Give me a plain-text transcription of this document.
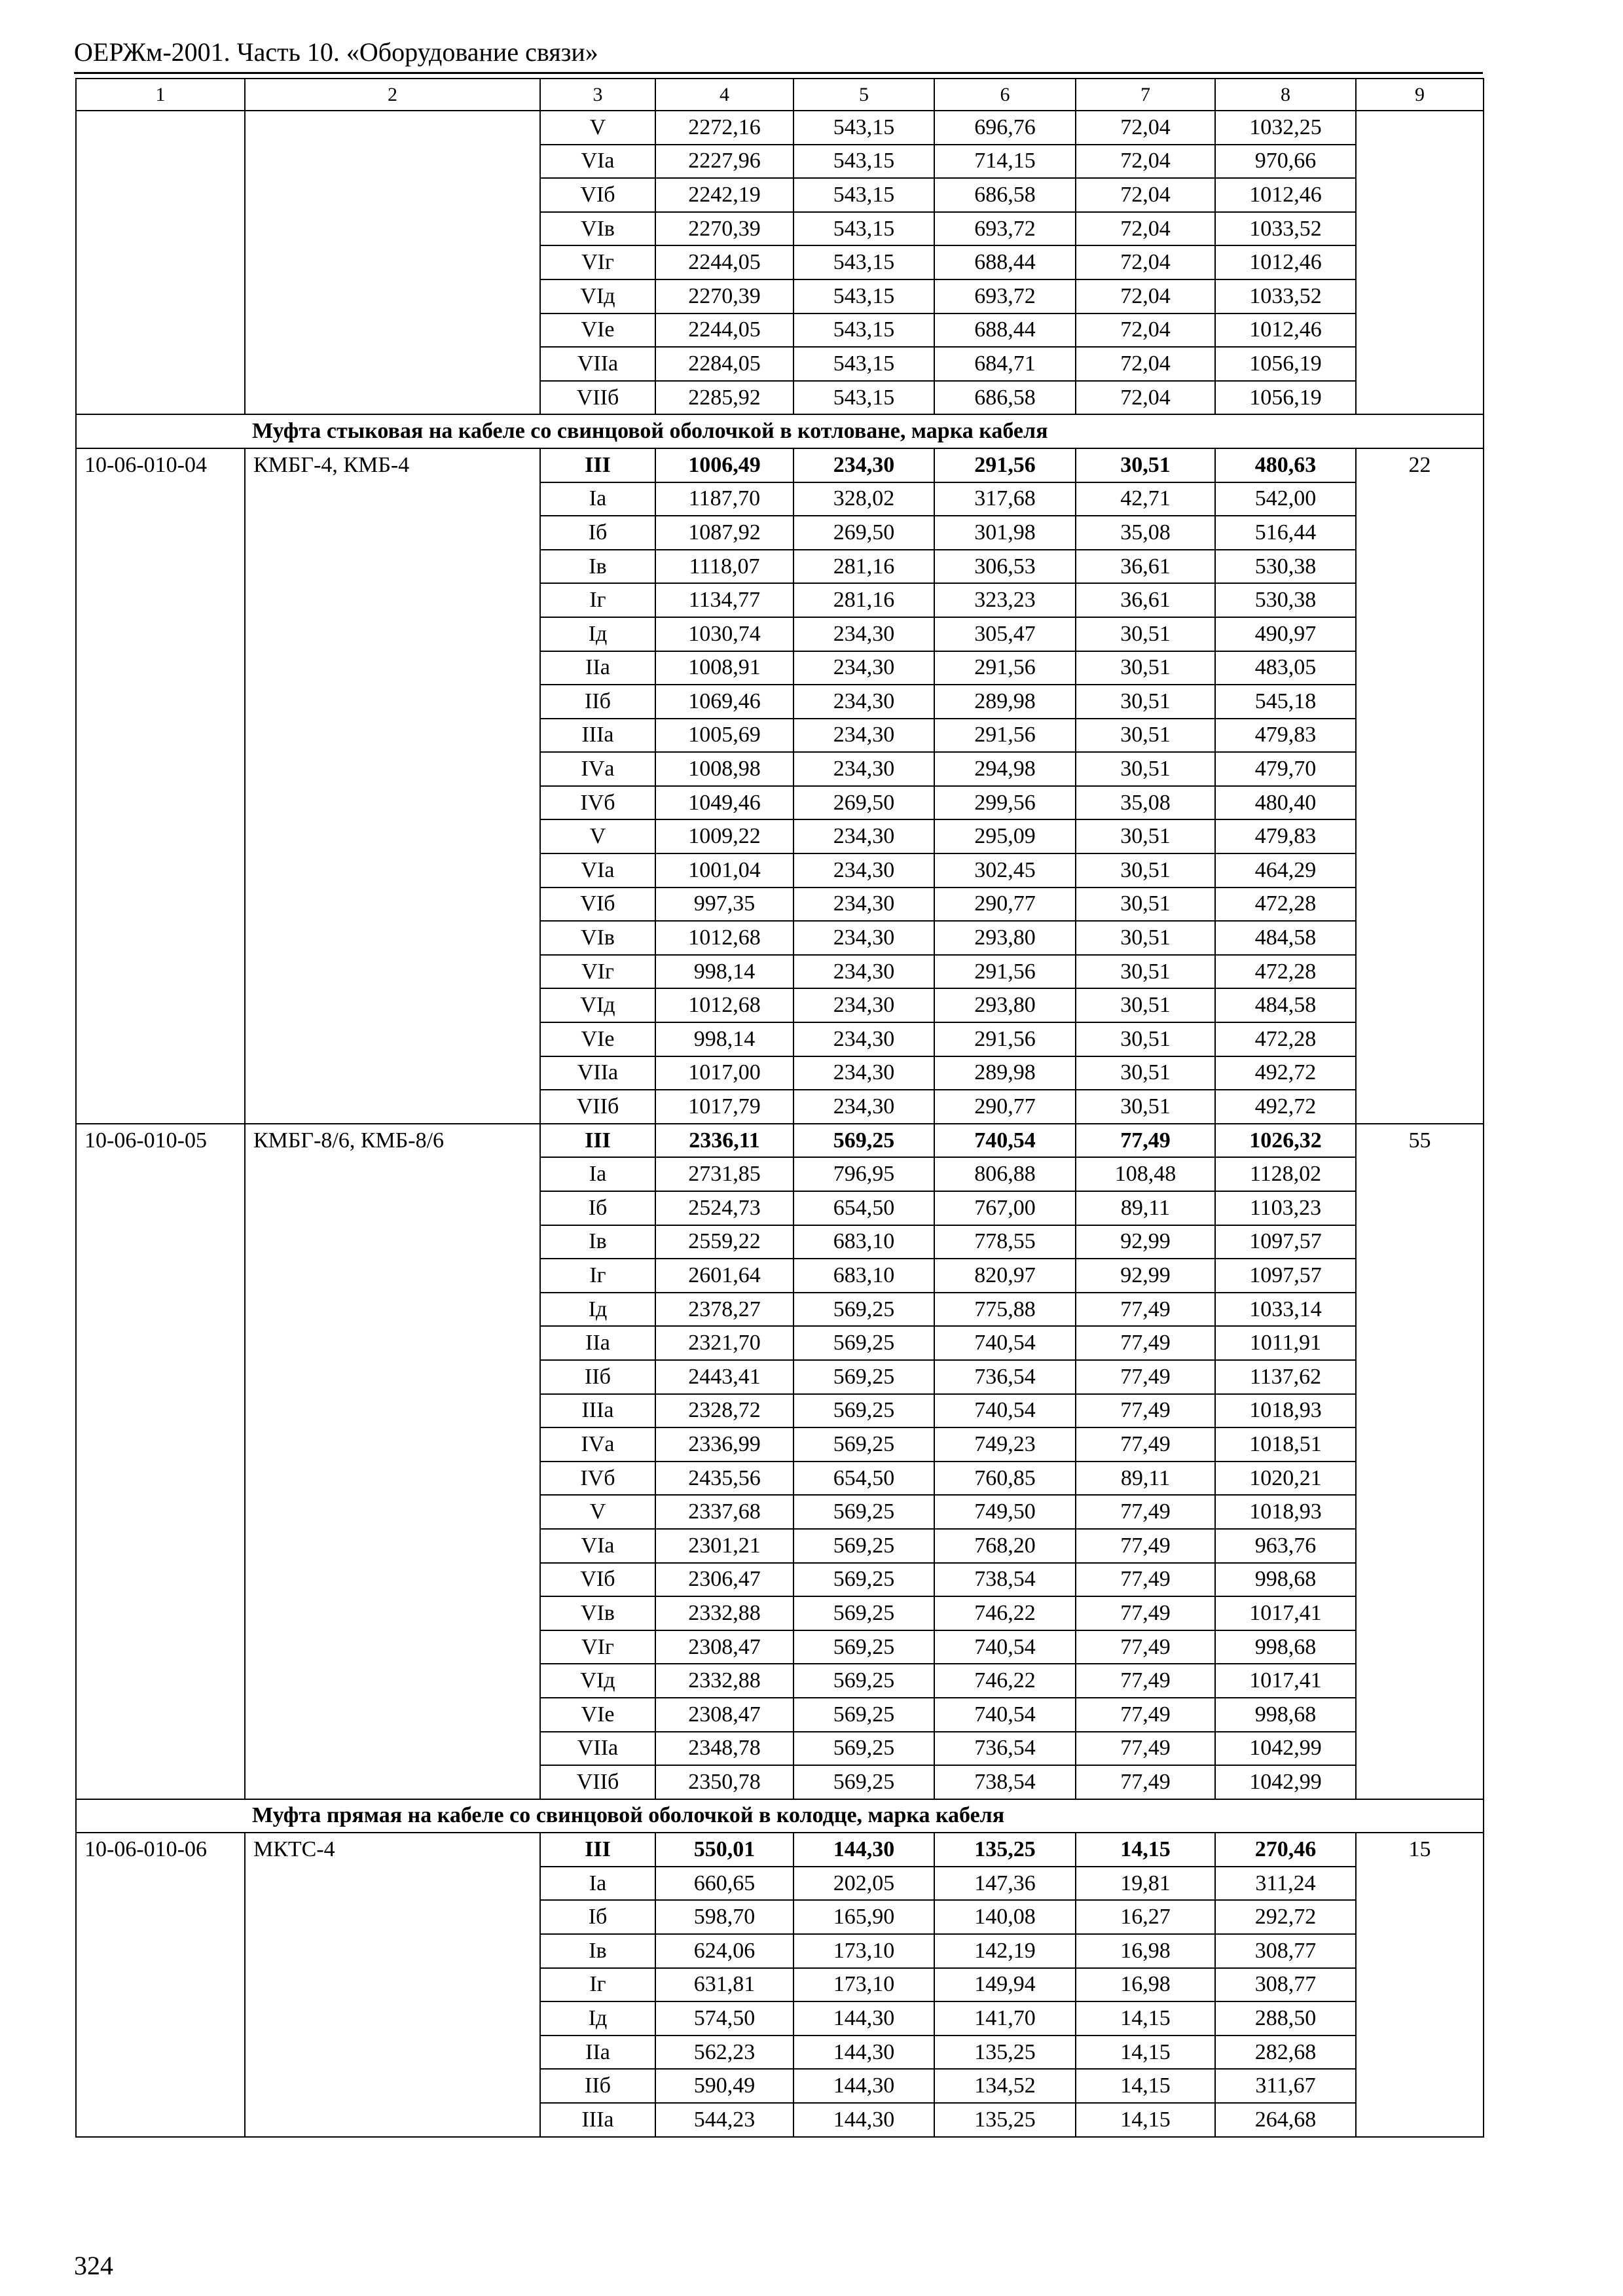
ОЕРЖм-2001. Часть 10. «Оборудование связи»
1	2	3	4	5	6	7	8	9
		V	2272,16	543,15	696,76	72,04	1032,25	
		VIа	2227,96	543,15	714,15	72,04	970,66	
		VIб	2242,19	543,15	686,58	72,04	1012,46	
		VIв	2270,39	543,15	693,72	72,04	1033,52	
		VIг	2244,05	543,15	688,44	72,04	1012,46	
		VIд	2270,39	543,15	693,72	72,04	1033,52	
		VIе	2244,05	543,15	688,44	72,04	1012,46	
		VIIа	2284,05	543,15	684,71	72,04	1056,19	
		VIIб	2285,92	543,15	686,58	72,04	1056,19	
Муфта стыковая на кабеле со свинцовой оболочкой в котловане, марка кабеля								
10-06-010-04	КМБГ-4, КМБ-4	III	1006,49	234,30	291,56	30,51	480,63	22
		Iа	1187,70	328,02	317,68	42,71	542,00	
		Iб	1087,92	269,50	301,98	35,08	516,44	
		Iв	1118,07	281,16	306,53	36,61	530,38	
		Iг	1134,77	281,16	323,23	36,61	530,38	
		Iд	1030,74	234,30	305,47	30,51	490,97	
		IIа	1008,91	234,30	291,56	30,51	483,05	
		IIб	1069,46	234,30	289,98	30,51	545,18	
		IIIа	1005,69	234,30	291,56	30,51	479,83	
		IVа	1008,98	234,30	294,98	30,51	479,70	
		IVб	1049,46	269,50	299,56	35,08	480,40	
		V	1009,22	234,30	295,09	30,51	479,83	
		VIа	1001,04	234,30	302,45	30,51	464,29	
		VIб	997,35	234,30	290,77	30,51	472,28	
		VIв	1012,68	234,30	293,80	30,51	484,58	
		VIг	998,14	234,30	291,56	30,51	472,28	
		VIд	1012,68	234,30	293,80	30,51	484,58	
		VIе	998,14	234,30	291,56	30,51	472,28	
		VIIа	1017,00	234,30	289,98	30,51	492,72	
		VIIб	1017,79	234,30	290,77	30,51	492,72	
10-06-010-05	КМБГ-8/6, КМБ-8/6	III	2336,11	569,25	740,54	77,49	1026,32	55
		Iа	2731,85	796,95	806,88	108,48	1128,02	
		Iб	2524,73	654,50	767,00	89,11	1103,23	
		Iв	2559,22	683,10	778,55	92,99	1097,57	
		Iг	2601,64	683,10	820,97	92,99	1097,57	
		Iд	2378,27	569,25	775,88	77,49	1033,14	
		IIа	2321,70	569,25	740,54	77,49	1011,91	
		IIб	2443,41	569,25	736,54	77,49	1137,62	
		IIIа	2328,72	569,25	740,54	77,49	1018,93	
		IVа	2336,99	569,25	749,23	77,49	1018,51	
		IVб	2435,56	654,50	760,85	89,11	1020,21	
		V	2337,68	569,25	749,50	77,49	1018,93	
		VIа	2301,21	569,25	768,20	77,49	963,76	
		VIб	2306,47	569,25	738,54	77,49	998,68	
		VIв	2332,88	569,25	746,22	77,49	1017,41	
		VIг	2308,47	569,25	740,54	77,49	998,68	
		VIд	2332,88	569,25	746,22	77,49	1017,41	
		VIе	2308,47	569,25	740,54	77,49	998,68	
		VIIа	2348,78	569,25	736,54	77,49	1042,99	
		VIIб	2350,78	569,25	738,54	77,49	1042,99	
Муфта прямая на кабеле со свинцовой оболочкой в колодце, марка кабеля								
10-06-010-06	МКТС-4	III	550,01	144,30	135,25	14,15	270,46	15
		Iа	660,65	202,05	147,36	19,81	311,24	
		Iб	598,70	165,90	140,08	16,27	292,72	
		Iв	624,06	173,10	142,19	16,98	308,77	
		Iг	631,81	173,10	149,94	16,98	308,77	
		Iд	574,50	144,30	141,70	14,15	288,50	
		IIа	562,23	144,30	135,25	14,15	282,68	
		IIб	590,49	144,30	134,52	14,15	311,67	
		IIIа	544,23	144,30	135,25	14,15	264,68	
324
